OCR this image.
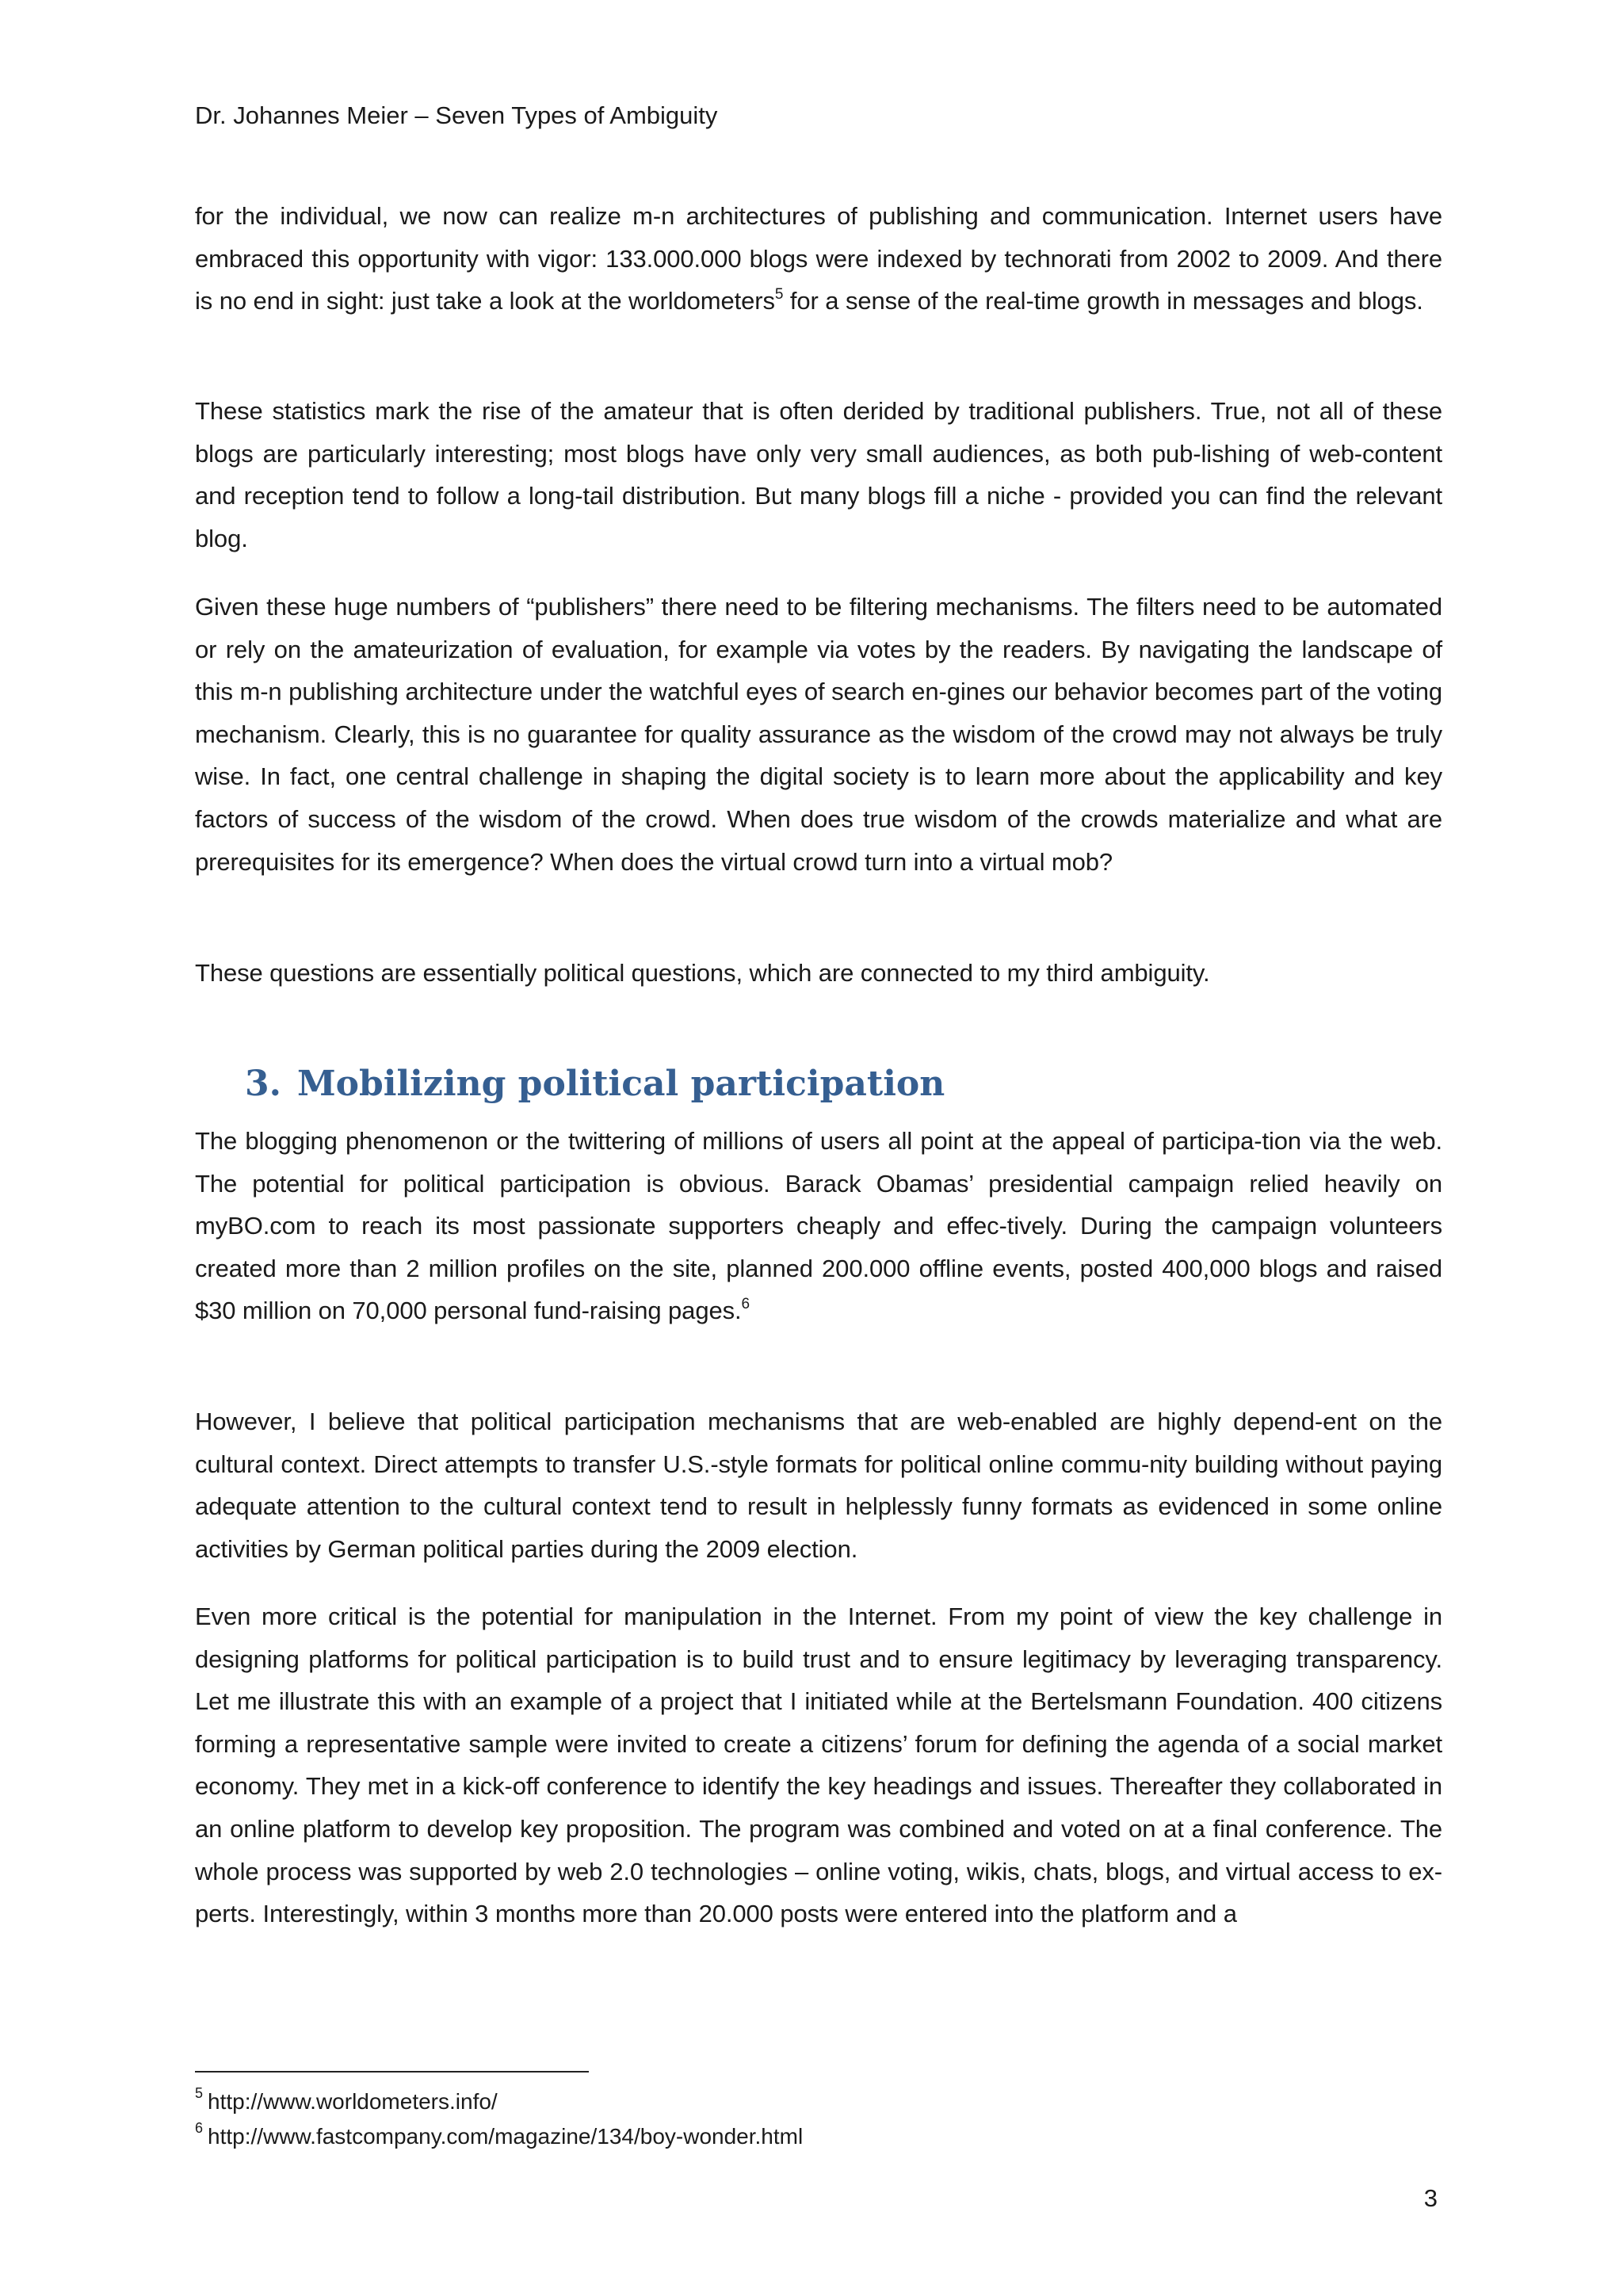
Dr. Johannes Meier – Seven Types of Ambiguity

for the individual, we now can realize m-n architectures of publishing and communication. Internet users have embraced this opportunity with vigor: 133.000.000 blogs were indexed by technorati from 2002 to 2009. And there is no end in sight: just take a look at the worldometers$^5$ for a sense of the real-time growth in messages and blogs.

These statistics mark the rise of the amateur that is often derided by traditional publishers. True, not all of these blogs are particularly interesting; most blogs have only very small audiences, as both pub-lishing of web-content and reception tend to follow a long-tail distribution. But many blogs fill a niche - provided you can find the relevant blog.

Given these huge numbers of “publishers” there need to be filtering mechanisms. The filters need to be automated or rely on the amateurization of evaluation, for example via votes by the readers. By navigating the landscape of this m-n publishing architecture under the watchful eyes of search en-gines our behavior becomes part of the voting mechanism. Clearly, this is no guarantee for quality assurance as the wisdom of the crowd may not always be truly wise. In fact, one central challenge in shaping the digital society is to learn more about the applicability and key factors of success of the wisdom of the crowd. When does true wisdom of the crowds materialize and what are prerequisites for its emergence? When does the virtual crowd turn into a virtual mob?

These questions are essentially political questions, which are connected to my third ambiguity.

3. Mobilizing political participation

The blogging phenomenon or the twittering of millions of users all point at the appeal of participa-tion via the web. The potential for political participation is obvious. Barack Obamas’ presidential campaign relied heavily on myBO.com to reach its most passionate supporters cheaply and effec-tively. During the campaign volunteers created more than 2 million profiles on the site, planned 200.000 offline events, posted 400,000 blogs and raised $30 million on 70,000 personal fund-raising pages.$^6$

However, I believe that political participation mechanisms that are web-enabled are highly depend-ent on the cultural context. Direct attempts to transfer U.S.-style formats for political online commu-nity building without paying adequate attention to the cultural context tend to result in helplessly funny formats as evidenced in some online activities by German political parties during the 2009 election.

Even more critical is the potential for manipulation in the Internet. From my point of view the key challenge in designing platforms for political participation is to build trust and to ensure legitimacy by leveraging transparency. Let me illustrate this with an example of a project that I initiated while at the Bertelsmann Foundation. 400 citizens forming a representative sample were invited to create a citizens’ forum for defining the agenda of a social market economy. They met in a kick-off conference to identify the key headings and issues. Thereafter they collaborated in an online platform to develop key proposition. The program was combined and voted on at a final conference. The whole process was supported by web 2.0 technologies – online voting, wikis, chats, blogs, and virtual access to ex-perts. Interestingly, within 3 months more than 20.000 posts were entered into the platform and a

$^5$ http://www.worldometers.info/
$^6$ http://www.fastcompany.com/magazine/134/boy-wonder.html
3
